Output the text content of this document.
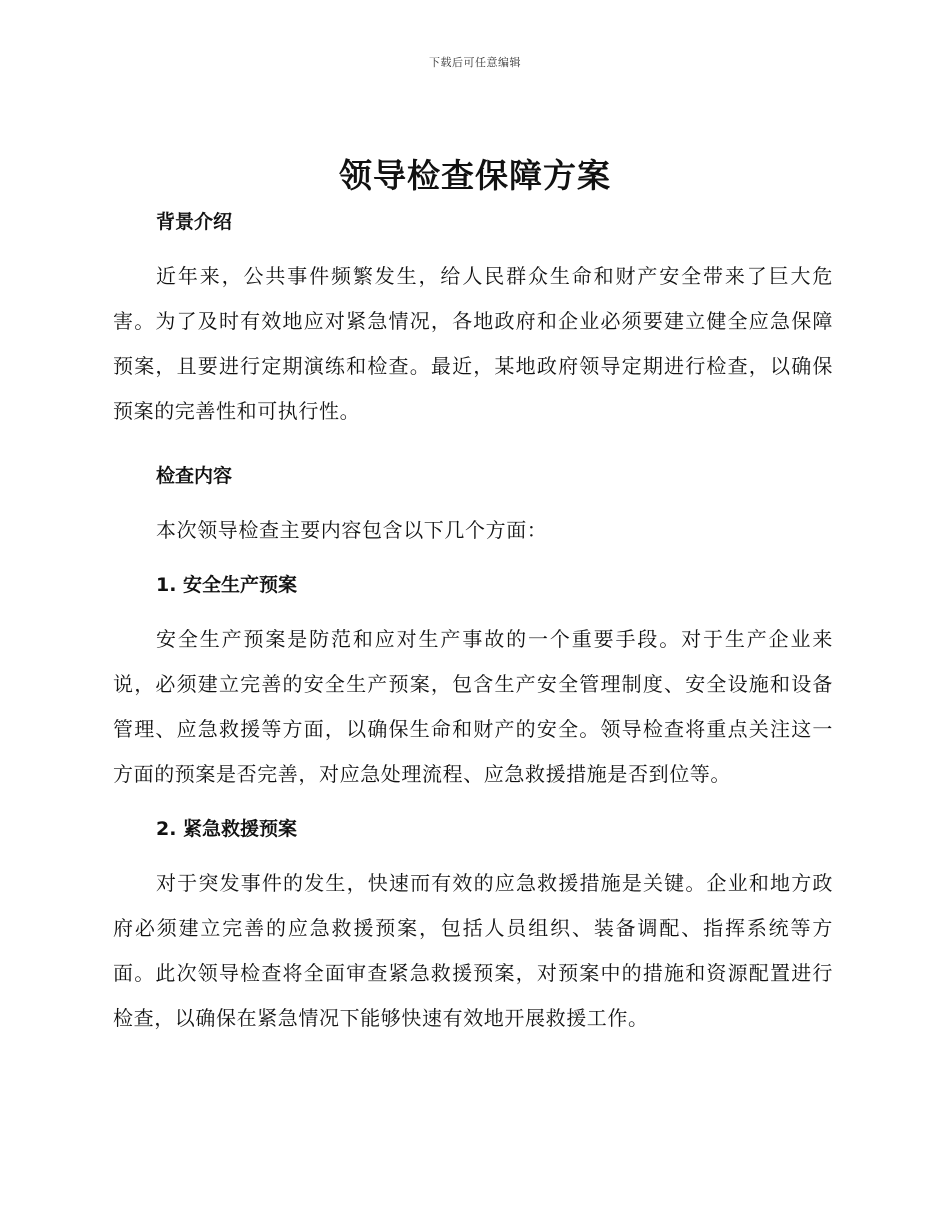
下载后可任意编辑
领导检查保障方案
背景介绍

近年来，公共事件频繁发生，给人民群众生命和财产安全带来了巨大危害。为了及时有效地应对紧急情况，各地政府和企业必须要建立健全应急保障预案，且要进行定期演练和检查。最近，某地政府领导定期进行检查，以确保预案的完善性和可执行性。

检查内容

本次领导检查主要内容包含以下几个方面：

1. 安全生产预案

安全生产预案是防范和应对生产事故的一个重要手段。对于生产企业来说，必须建立完善的安全生产预案，包含生产安全管理制度、安全设施和设备管理、应急救援等方面，以确保生命和财产的安全。领导检查将重点关注这一方面的预案是否完善，对应急处理流程、应急救援措施是否到位等。

2. 紧急救援预案

对于突发事件的发生，快速而有效的应急救援措施是关键。企业和地方政府必须建立完善的应急救援预案，包括人员组织、装备调配、指挥系统等方面。此次领导检查将全面审查紧急救援预案，对预案中的措施和资源配置进行检查，以确保在紧急情况下能够快速有效地开展救援工作。
